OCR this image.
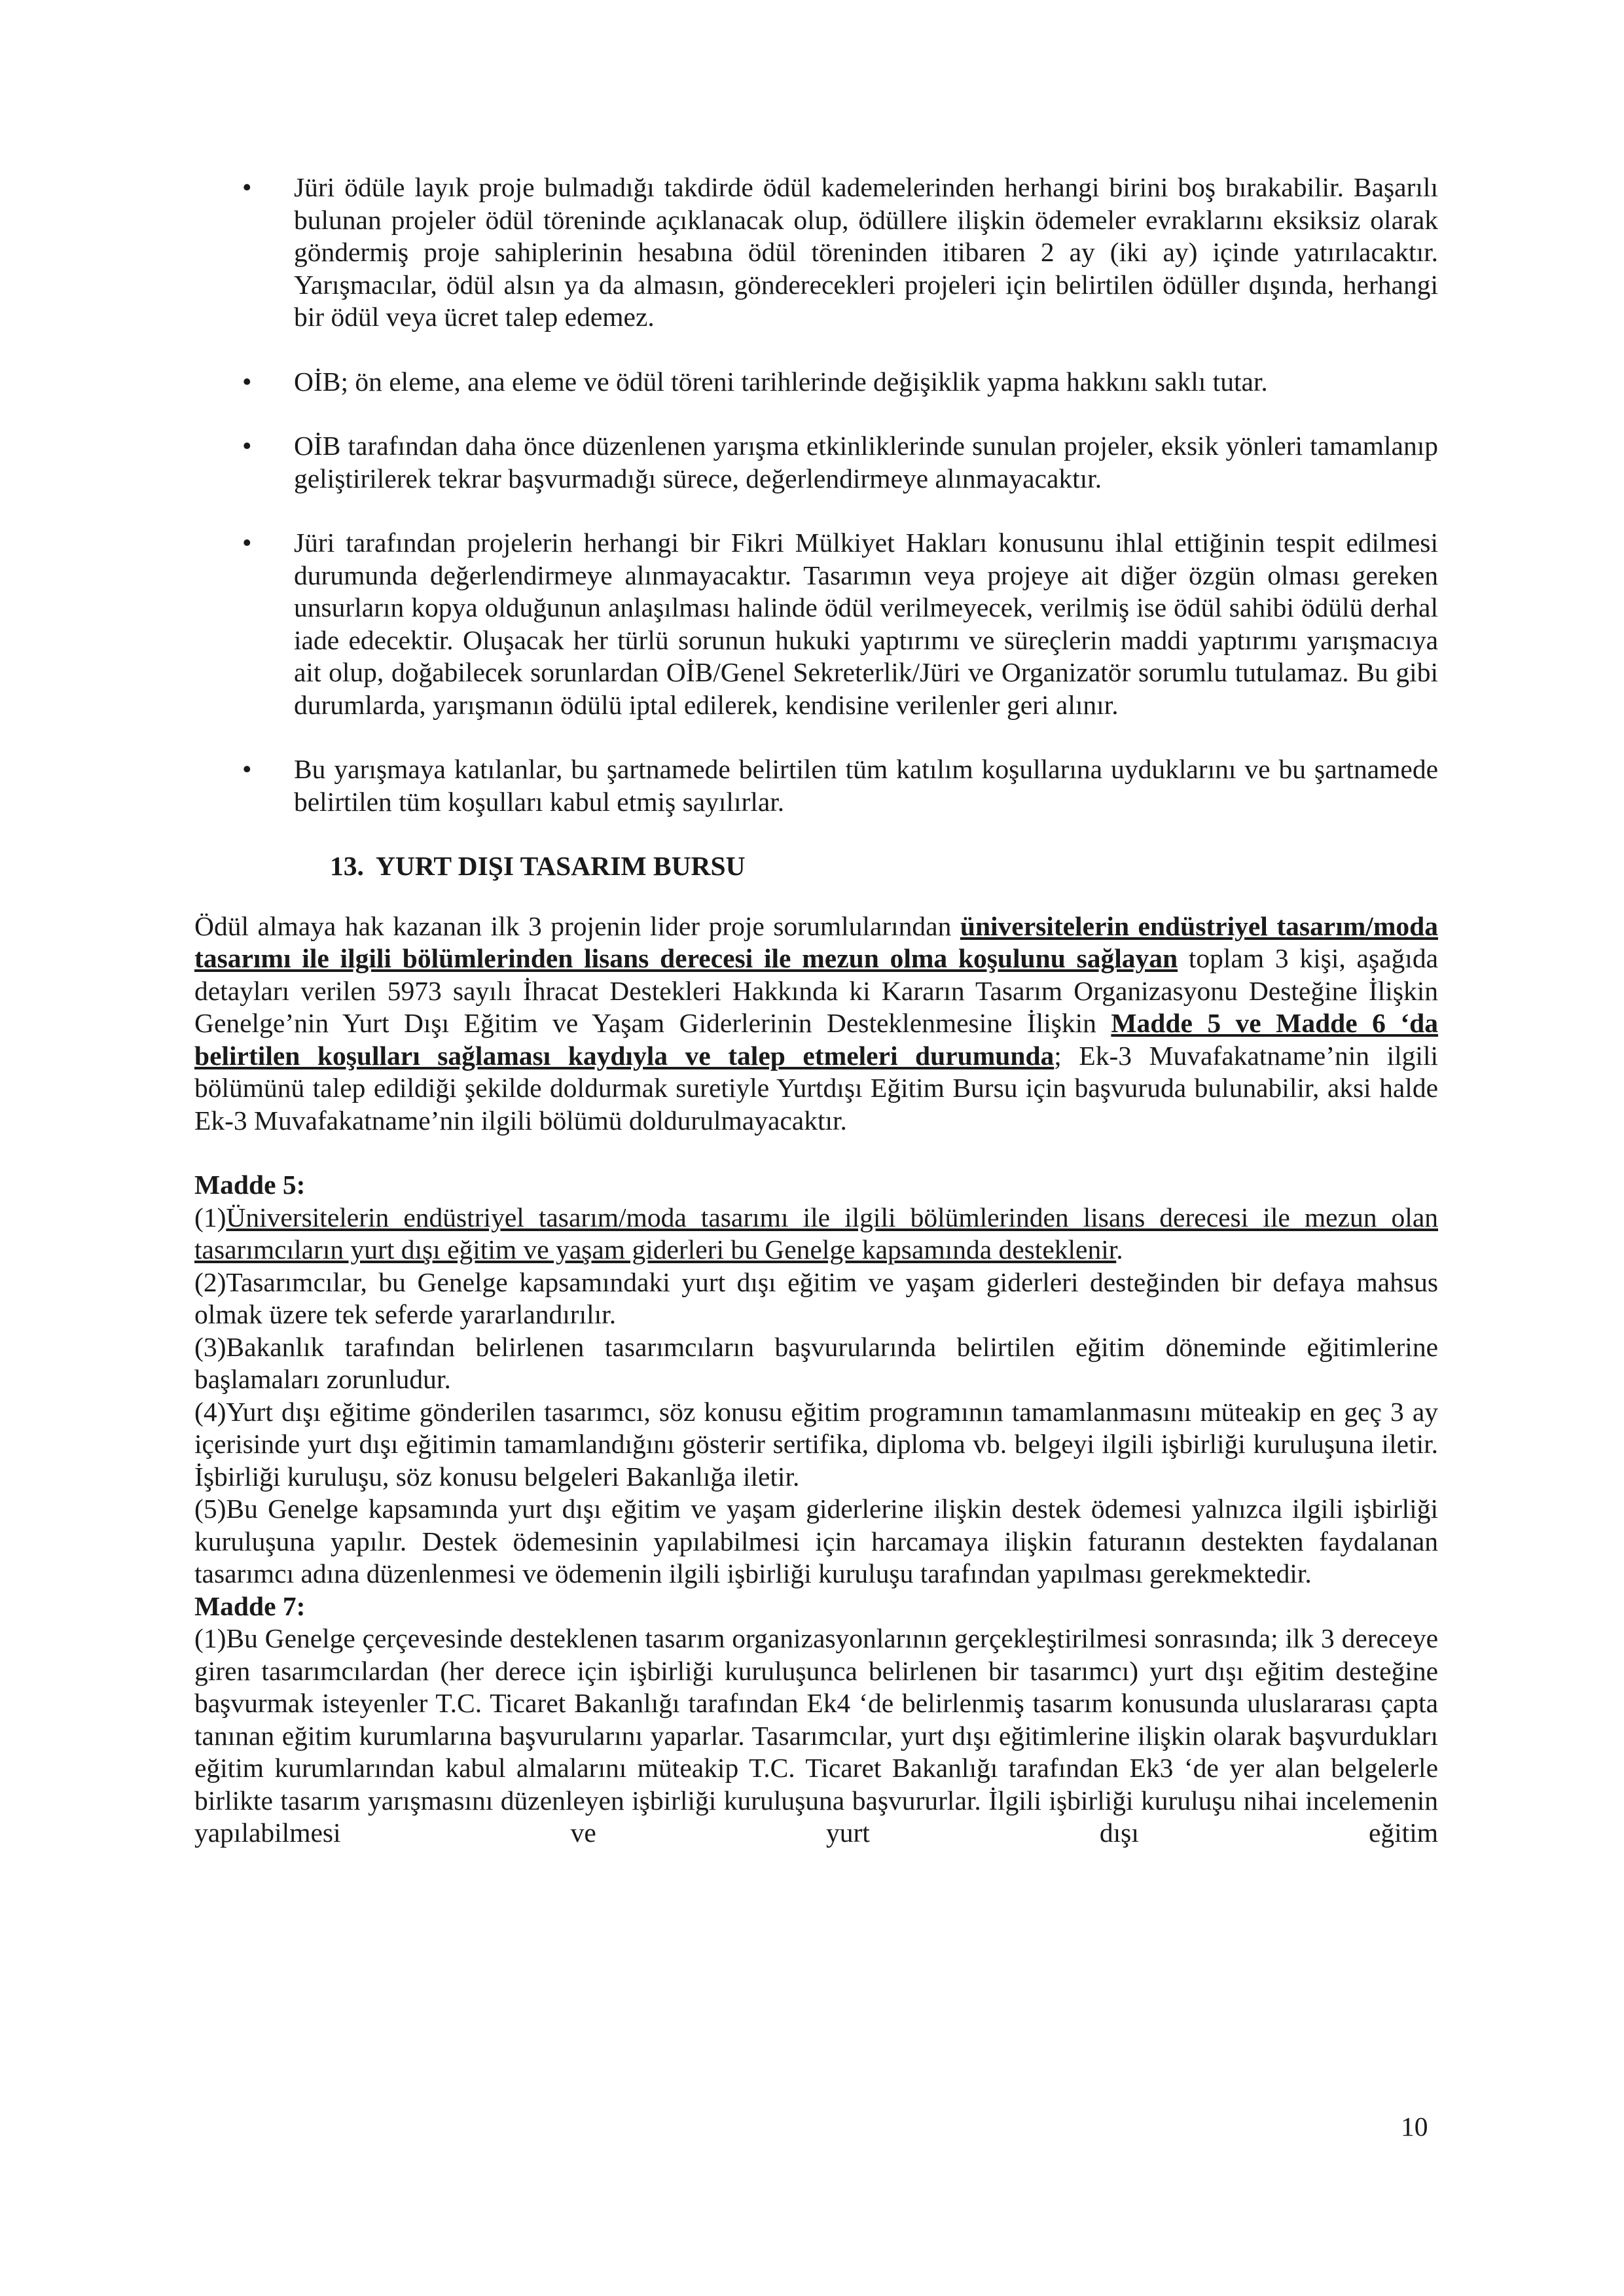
• Jüri ödüle layık proje bulmadığı takdirde ödül kademelerinden herhangi birini boş bırakabilir. Başarılı bulunan projeler ödül töreninde açıklanacak olup, ödüllere ilişkin ödemeler evraklarını eksiksiz olarak göndermiş proje sahiplerinin hesabına ödül töreninden itibaren 2 ay (iki ay) içinde yatırılacaktır. Yarışmacılar, ödül alsın ya da almasın, gönderecekleri projeleri için belirtilen ödüller dışında, herhangi bir ödül veya ücret talep edemez.
• OİB; ön eleme, ana eleme ve ödül töreni tarihlerinde değişiklik yapma hakkını saklı tutar.
• OİB tarafından daha önce düzenlenen yarışma etkinliklerinde sunulan projeler, eksik yönleri tamamlanıp geliştirilerek tekrar başvurmadığı sürece, değerlendirmeye alınmayacaktır.
• Jüri tarafından projelerin herhangi bir Fikri Mülkiyet Hakları konusunu ihlal ettiğinin tespit edilmesi durumunda değerlendirmeye alınmayacaktır. Tasarımın veya projeye ait diğer özgün olması gereken unsurların kopya olduğunun anlaşılması halinde ödül verilmeyecek, verilmiş ise ödül sahibi ödülü derhal iade edecektir. Oluşacak her türlü sorunun hukuki yaptırımı ve süreçlerin maddi yaptırımı yarışmacıya ait olup, doğabilecek sorunlardan OİB/Genel Sekreterlik/Jüri ve Organizatör sorumlu tutulamaz. Bu gibi durumlarda, yarışmanın ödülü iptal edilerek, kendisine verilenler geri alınır.
• Bu yarışmaya katılanlar, bu şartnamede belirtilen tüm katılım koşullarına uyduklarını ve bu şartnamede belirtilen tüm koşulları kabul etmiş sayılırlar.
13. YURT DIŞI TASARIM BURSU

Ödül almaya hak kazanan ilk 3 projenin lider proje sorumlularından üniversitelerin endüstriyel tasarım/moda tasarımı ile ilgili bölümlerinden lisans derecesi ile mezun olma koşulunu sağlayan toplam 3 kişi, aşağıda detayları verilen 5973 sayılı İhracat Destekleri Hakkında ki Kararın Tasarım Organizasyonu Desteğine İlişkin Genelge’nin Yurt Dışı Eğitim ve Yaşam Giderlerinin Desteklenmesine İlişkin Madde 5 ve Madde 6 ‘da belirtilen koşulları sağlaması kaydıyla ve talep etmeleri durumunda; Ek-3 Muvafakatname’nin ilgili bölümünü talep edildiği şekilde doldurmak suretiyle Yurtdışı Eğitim Bursu için başvuruda bulunabilir, aksi halde Ek-3 Muvafakatname’nin ilgili bölümü doldurulmayacaktır.

Madde 5:

(1)Üniversitelerin endüstriyel tasarım/moda tasarımı ile ilgili bölümlerinden lisans derecesi ile mezun olan tasarımcıların yurt dışı eğitim ve yaşam giderleri bu Genelge kapsamında desteklenir.

(2)Tasarımcılar, bu Genelge kapsamındaki yurt dışı eğitim ve yaşam giderleri desteğinden bir defaya mahsus olmak üzere tek seferde yararlandırılır.

(3)Bakanlık tarafından belirlenen tasarımcıların başvurularında belirtilen eğitim döneminde eğitimlerine başlamaları zorunludur.

(4)Yurt dışı eğitime gönderilen tasarımcı, söz konusu eğitim programının tamamlanmasını müteakip en geç 3 ay içerisinde yurt dışı eğitimin tamamlandığını gösterir sertifika, diploma vb. belgeyi ilgili işbirliği kuruluşuna iletir. İşbirliği kuruluşu, söz konusu belgeleri Bakanlığa iletir.

(5)Bu Genelge kapsamında yurt dışı eğitim ve yaşam giderlerine ilişkin destek ödemesi yalnızca ilgili işbirliği kuruluşuna yapılır. Destek ödemesinin yapılabilmesi için harcamaya ilişkin faturanın destekten faydalanan tasarımcı adına düzenlenmesi ve ödemenin ilgili işbirliği kuruluşu tarafından yapılması gerekmektedir.

Madde 7:

(1)Bu Genelge çerçevesinde desteklenen tasarım organizasyonlarının gerçekleştirilmesi sonrasında; ilk 3 dereceye giren tasarımcılardan (her derece için işbirliği kuruluşunca belirlenen bir tasarımcı) yurt dışı eğitim desteğine başvurmak isteyenler T.C. Ticaret Bakanlığı tarafından Ek4 ‘de belirlenmiş tasarım konusunda uluslararası çapta tanınan eğitim kurumlarına başvurularını yaparlar. Tasarımcılar, yurt dışı eğitimlerine ilişkin olarak başvurdukları eğitim kurumlarından kabul almalarını müteakip T.C. Ticaret Bakanlığı tarafından Ek3 ‘de yer alan belgelerle birlikte tasarım yarışmasını düzenleyen işbirliği kuruluşuna başvururlar. İlgili işbirliği kuruluşu nihai incelemenin yapılabilmesi ve yurt dışı eğitim

10
